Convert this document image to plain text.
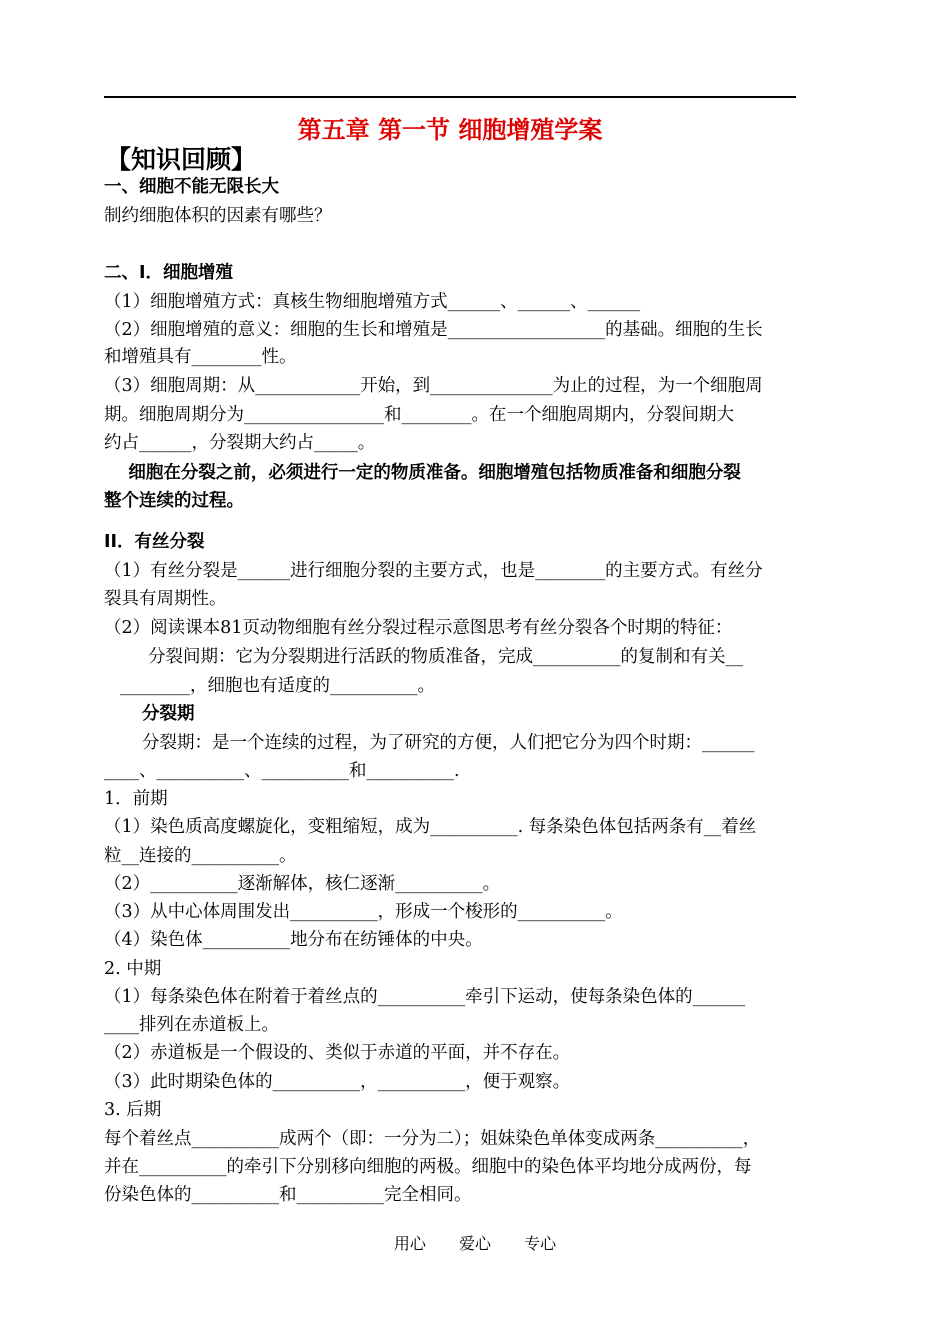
第五章 第一节 细胞增殖学案
【知识回顾】
一、细胞不能无限长大
制约细胞体积的因素有哪些？
二、I．细胞增殖
（1）细胞增殖方式：真核生物细胞增殖方式______、______、______
（2）细胞增殖的意义：细胞的生长和增殖是__________________的基础。细胞的生长
和增殖具有________性。
（3）细胞周期：从____________开始，到______________为止的过程，为一个细胞周
期。细胞周期分为________________和________。在一个细胞周期内，分裂间期大
约占______，分裂期大约占_____。
细胞在分裂之前，必须进行一定的物质准备。细胞增殖包括物质准备和细胞分裂
整个连续的过程。
II．有丝分裂
（1）有丝分裂是______进行细胞分裂的主要方式，也是________的主要方式。有丝分
裂具有周期性。
（2）阅读课本81页动物细胞有丝分裂过程示意图思考有丝分裂各个时期的特征：
分裂间期：它为分裂期进行活跃的物质准备，完成__________的复制和有关__
________，细胞也有适度的__________。
分裂期
分裂期：是一个连续的过程，为了研究的方便，人们把它分为四个时期：______
____、__________、__________和__________.
1．前期
（1）染色质高度螺旋化，变粗缩短，成为__________. 每条染色体包括两条有__着丝
粒__连接的__________。
（2）__________逐渐解体，核仁逐渐__________。
（3）从中心体周围发出__________，形成一个梭形的__________。
（4）染色体__________地分布在纺锤体的中央。
2. 中期
（1）每条染色体在附着于着丝点的__________牵引下运动，使每条染色体的______
____排列在赤道板上。
（2）赤道板是一个假设的、类似于赤道的平面，并不存在。
（3）此时期染色体的__________，__________，便于观察。
3. 后期
每个着丝点__________成两个（即：一分为二）；姐妹染色单体变成两条__________，
并在__________的牵引下分别移向细胞的两极。细胞中的染色体平均地分成两份，每
份染色体的__________和__________完全相同。
用心 爱心 专心
